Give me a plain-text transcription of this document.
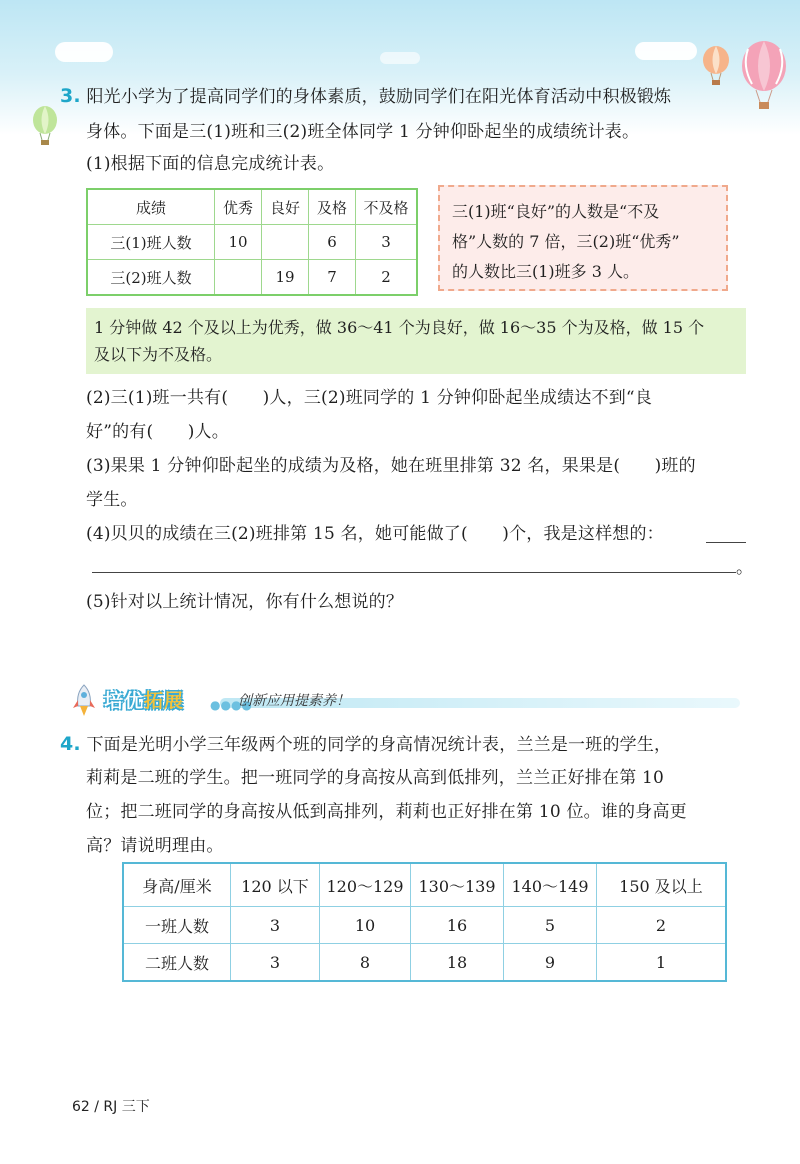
3. 阳光小学为了提高同学们的身体素质，鼓励同学们在阳光体育活动中积极锻炼
身体。下面是三(1)班和三(2)班全体同学 1 分钟仰卧起坐的成绩统计表。
(1)根据下面的信息完成统计表。
成绩	优秀	良好	及格	不及格
三(1)班人数	10		6	3
三(2)班人数		19	7	2
三(1)班“良好”的人数是“不及
格”人数的 7 倍，三(2)班“优秀”
的人数比三(1)班多 3 人。
1 分钟做 42 个及以上为优秀，做 36～41 个为良好，做 16～35 个为及格，做 15 个
及以下为不及格。
(2)三(1)班一共有(　　)人，三(2)班同学的 1 分钟仰卧起坐成绩达不到“良
好”的有(　　)人。
(3)果果 1 分钟仰卧起坐的成绩为及格，她在班里排第 32 名，果果是(　　)班的
学生。
(4)贝贝的成绩在三(2)班排第 15 名，她可能做了(　　)个，我是这样想的：
。
(5)针对以上统计情况，你有什么想说的？
培优拓展 ●●●●
创新应用提素养！
4. 下面是光明小学三年级两个班的同学的身高情况统计表，兰兰是一班的学生，
莉莉是二班的学生。把一班同学的身高按从高到低排列，兰兰正好排在第 10
位；把二班同学的身高按从低到高排列，莉莉也正好排在第 10 位。谁的身高更
高？请说明理由。
身高/厘米	120 以下	120～129	130～139	140～149	150 及以上
一班人数	3	10	16	5	2
二班人数	3	8	18	9	1
62 / RJ 三下
